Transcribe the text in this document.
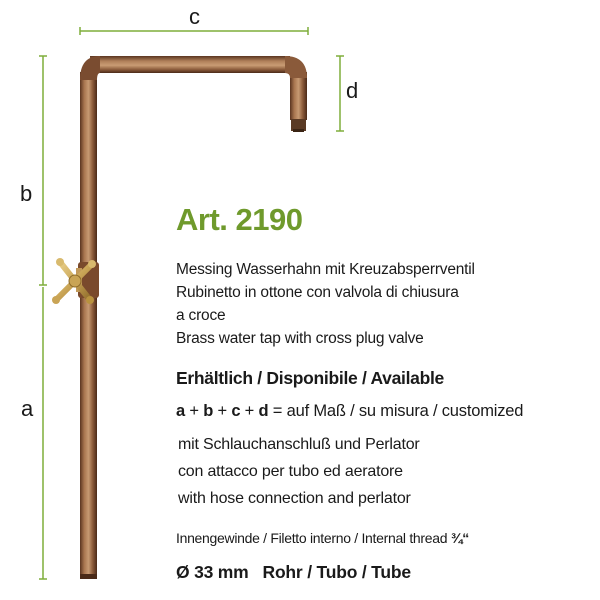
c
d
b
a
Art. 2190
Messing Wasserhahn mit Kreuzabsperrventil
Rubinetto in ottone con valvola di chiusura
a croce
Brass water tap with cross plug valve
Erhältlich / Disponibile / Available
a + b + c + d = auf Maß / su misura / customized
mit Schlauchanschluß und Perlator
con attacco per tubo ed aeratore
with hose connection and perlator
Innengewinde / Filetto interno / Internal thread ¾“
Ø 33 mm   Rohr / Tubo / Tube
